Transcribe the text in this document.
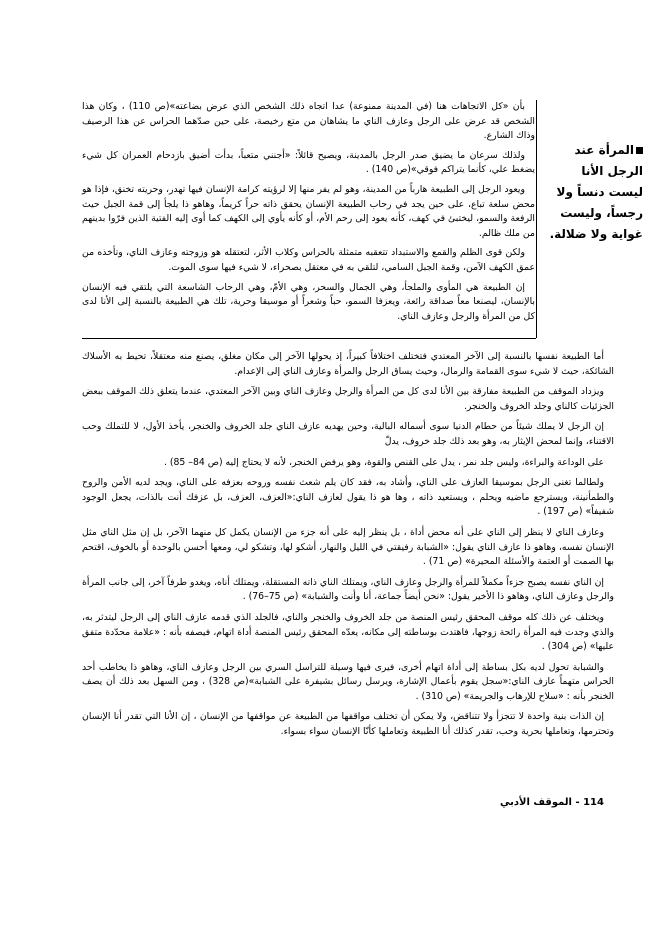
بأن «كل الاتجاهات هنا (في المدينة ممنوعة) عدا اتجاه ذلك الشخص الذي عرض بضاعته»(ص 110) ، وكان هذا الشخص قد عرض على الرجل وعازف الناي ما يشاهان من متع رخيصة، على حين صدّهما الحراس عن هذا الرصيف وذاك الشارع.

ولذلك سرعان ما يضيق صدر الرجل بالمدينة، ويصيح قائلاً: «أجنني متعباً، بدأت أضيق بازدحام العمران كل شيء يضغط علي، كأنما يتراكم فوقي»(ص 140) .

ويعود الرجل إلى الطبيعة هارباً من المدينة، وهو لم يفر منها إلا لرؤيته كرامة الإنسان فيها تهدر، وحريته تخنق، فإذا هو محض سلعة تباع، على حين يجد في رحاب الطبيعة الإنسان يحقق ذاته حراً كريماً، وهاهو ذا يلجأ إلى قمة الجبل حيث الرفعة والسمو، ليختبئ في كهف، كأنه يعود إلى رحم الأم، أو كأنه يأوي إلى الكهف كما أوى إليه الفتية الذين فرّوا بدينهم من ملك ظالم.

ولكن قوى الظلم والقمع والاستبداد تتعقبه متمثلة بالحراس وكلاب الأثر، لتعتقله هو وزوجته وعازف الناي، وتأخذه من عمق الكهف الآمن، وقمة الجبل السامي، لتلقي به في معتقل بصحراء، لا شيء فيها سوى الموت.

إن الطبيعة هي المأوى والملجأ، وهي الجمال والسحر، وهي الأمّ، وهي الرحاب الشاسعة التي يلتقي فيه الإنسان بالإنسان، ليصنعا معاً صداقة رائعة، ويعزفا السمو، حباً وشعراً أو موسيقا وحرية، تلك هي الطبيعة بالنسبة إلى الأنا لدى كل من المرأة والرجل وعازف الناي.

المرأة عند الرجل الأنا ليست دنساً ولا رجساً، وليست غواية ولا ضلالة.

أما الطبيعة نفسها بالنسبة إلى الآخر المعتدي فتختلف اختلافاً كبيراً، إذ يحولها الآخر إلى مكان مغلق، يصنع منه معتقلاً، تحيط به الأسلاك الشائكة، حيث لا شيء سوى القمامة والرمال، وحيث يساق الرجل والمرأة وعازف الناي إلى الإعدام.

ويزداد الموقف من الطبيعة مفارقة بين الأنا لدى كل من المرأة والرجل وعازف الناي وبين الآخر المعتدي، عندما يتعلق ذلك الموقف ببعض الجزئيات كالناي وجلد الخروف والخنجر.

إن الرجل لا يملك شيئاً من حطام الدنيا سوى أسماله البالية، وحين يهديه عازف الناي جلد الخروف والخنجر، يأخذ الأول، لا للتملك وحب الاقتناء، وإنما لمحض الإيثار به، وهو بعد ذلك جلد خروف، يدلّ

على الوداعة والبراءة، وليس جلد نمر ، يدل على القنص والقوة، وهو يرفض الخنجر، لأنه لا يحتاج إليه (ص 84– 85) .

ولطالما تغنى الرجل بموسيقا العازف على الناي، وأشاد به، فقد كان يلم شعث نفسه وروحه بعزفه على الناي، ويجد لديه الأمن والروح والطمأنينة، ويسترجع ماضيه ويحلم ، ويستعيد ذاته ، وها هو ذا يقول لعازف الناي:«العزف، العزف، بل عزفك أنت بالذات، يجعل الوجود شفيفاً» (ص 197) .

وعازف الناي لا ينظر إلى الناي على أنه محض أداة ، بل ينظر إليه على أنه جزء من الإنسان يكمل كل منهما الآخر، بل إن مثل الناي مثل الإنسان نفسه، وهاهو ذا عازف الناي يقول: «الشبابة رفيقتي في الليل والنهار، أشكو لها، وتشكو لي، ومعها أحسن بالوحدة أو بالخوف، اقتحم بها الصمت أو العتمة والأسئلة المحيرة» (ص 71) .

إن الناي نفسه يصبح جزءاً مكملاً للمرأة والرجل وعازف الناي، ويمتلك الناي ذاته المستقلة، ويمتلك أناه، ويغدو طرفاً آخر، إلى جانب المرأة والرجل وعازف الناي، وهاهو ذا الأخير يقول: «نحن أيضاً جماعة، أنا وأنت والشبابة» (ص 75–76) .

ويختلف عن ذلك كله موقف المحقق رئيس المنصة من جلد الخروف والخنجر والناي، فالجلد الذي قدمه عازف الناي إلى الرجل ليتدثر به، والذي وجدت فيه المرأة رائحة زوجها، فاهتدت بوساطته إلى مكانه، يعدّه المحقق رئيس المنصة أداة اتهام، فيصفه بأنه : «علامة محدّدة متفق عليها» (ص 304) .

والشبابة تحول لديه بكل بساطة إلى أداة اتهام أخرى، فيرى فيها وسيلة للتراسل السري بين الرجل وعازف الناي، وهاهو ذا يخاطب أحد الحراس متهماً عازف الناي:«سجل يقوم بأعمال الإشارة، ويرسل رسائل بشيفرة على الشبابة»(ص 328) ، ومن السهل بعد ذلك أن يصف الخنجر بأنه : «سلاح للإرهاب والجريمة» (ص 310) .

إن الذات بنية واحدة لا تتجزأ ولا تتناقض، ولا يمكن أن تختلف مواقفها من الطبيعة عن مواقفها من الإنسان ، إن الأنا التي تقدر أنا الإنسان وتحترمها، وتعاملها بحرية وحب، تقدر كذلك أنا الطبيعة وتعاملها كأنّا الإنسان سواء بسواء.

114 - الموقف الأدبي
